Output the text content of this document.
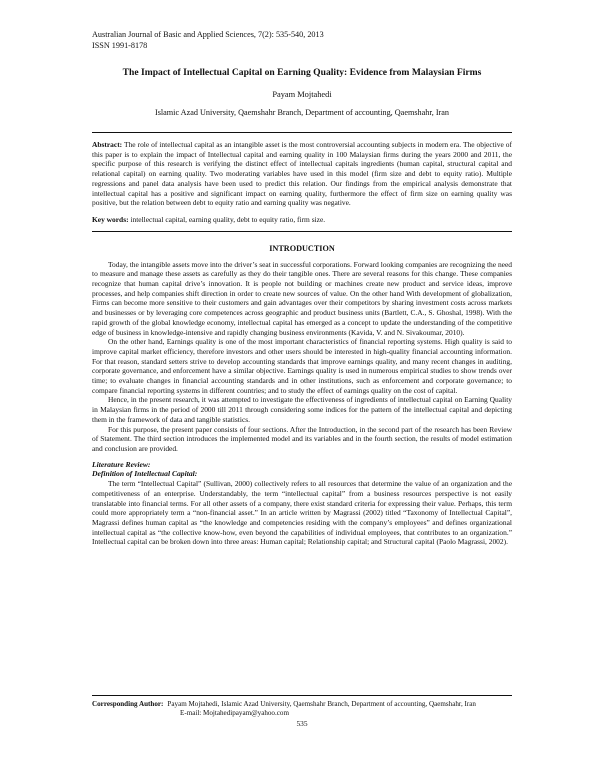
Australian Journal of Basic and Applied Sciences, 7(2): 535-540, 2013
ISSN 1991-8178
The Impact of Intellectual Capital on Earning Quality: Evidence from Malaysian Firms
Payam Mojtahedi
Islamic Azad University, Qaemshahr Branch, Department of accounting, Qaemshahr, Iran
Abstract: The role of intellectual capital as an intangible asset is the most controversial accounting subjects in modern era. The objective of this paper is to explain the impact of Intellectual capital and earning quality in 100 Malaysian firms during the years 2000 and 2011, the specific purpose of this research is verifying the distinct effect of intellectual capitals ingredients (human capital, structural capital and relational capital) on earning quality. Two moderating variables have used in this model (firm size and debt to equity ratio). Multiple regressions and panel data analysis have been used to predict this relation. Our findings from the empirical analysis demonstrate that intellectual capital has a positive and significant impact on earning quality, furthermore the effect of firm size on earning quality was positive, but the relation between debt to equity ratio and earning quality was negative.
Key words: intellectual capital, earning quality, debt to equity ratio, firm size.
INTRODUCTION

Today, the intangible assets move into the driver’s seat in successful corporations. Forward looking companies are recognizing the need to measure and manage these assets as carefully as they do their tangible ones. There are several reasons for this change. These companies recognize that human capital drive’s innovation. It is people not building or machines create new product and service ideas, improve processes, and help companies shift direction in order to create new sources of value. On the other hand With development of globalization, Firms can become more sensitive to their customers and gain advantages over their competitors by sharing investment costs across markets and businesses or by leveraging core competences across geographic and product business units (Bartlett, C.A., S. Ghoshal, 1998). With the rapid growth of the global knowledge economy, intellectual capital has emerged as a concept to update the understanding of the competitive edge of business in knowledge-intensive and rapidly changing business environments (Kavida, V. and N. Sivakoumar, 2010).

On the other hand, Earnings quality is one of the most important characteristics of financial reporting systems. High quality is said to improve capital market efficiency, therefore investors and other users should be interested in high-quality financial accounting information. For that reason, standard setters strive to develop accounting standards that improve earnings quality, and many recent changes in auditing, corporate governance, and enforcement have a similar objective. Earnings quality is used in numerous empirical studies to show trends over time; to evaluate changes in financial accounting standards and in other institutions, such as enforcement and corporate governance; to compare financial reporting systems in different countries; and to study the effect of earnings quality on the cost of capital.

Hence, in the present research, it was attempted to investigate the effectiveness of ingredients of intellectual capital on Earning Quality in Malaysian firms in the period of 2000 till 2011 through considering some indices for the pattern of the intellectual capital and depicting them in the framework of data and tangible statistics.

For this purpose, the present paper consists of four sections. After the Introduction, in the second part of the research has been Review of Statement. The third section introduces the implemented model and its variables and in the fourth section, the results of model estimation and conclusion are provided.

Literature Review:
Definition of Intellectual Capital:

The term “Intellectual Capital” (Sullivan, 2000) collectively refers to all resources that determine the value of an organization and the competitiveness of an enterprise. Understandably, the term “intellectual capital” from a business resources perspective is not easily translatable into financial terms. For all other assets of a company, there exist standard criteria for expressing their value. Perhaps, this term could more appropriately term a “non-financial asset.” In an article written by Magrassi (2002) titled “Taxonomy of Intellectual Capital”, Magrassi defines human capital as “the knowledge and competencies residing with the company’s employees” and defines organizational intellectual capital as “the collective know-how, even beyond the capabilities of individual employees, that contributes to an organization.” Intellectual capital can be broken down into three areas: Human capital; Relationship capital; and Structural capital (Paolo Magrassi, 2002).

Corresponding Author: Payam Mojtahedi, Islamic Azad University, Qaemshahr Branch, Department of accounting, Qaemshahr, Iran
E-mail: Mojtahedipayam@yahoo.com
535
